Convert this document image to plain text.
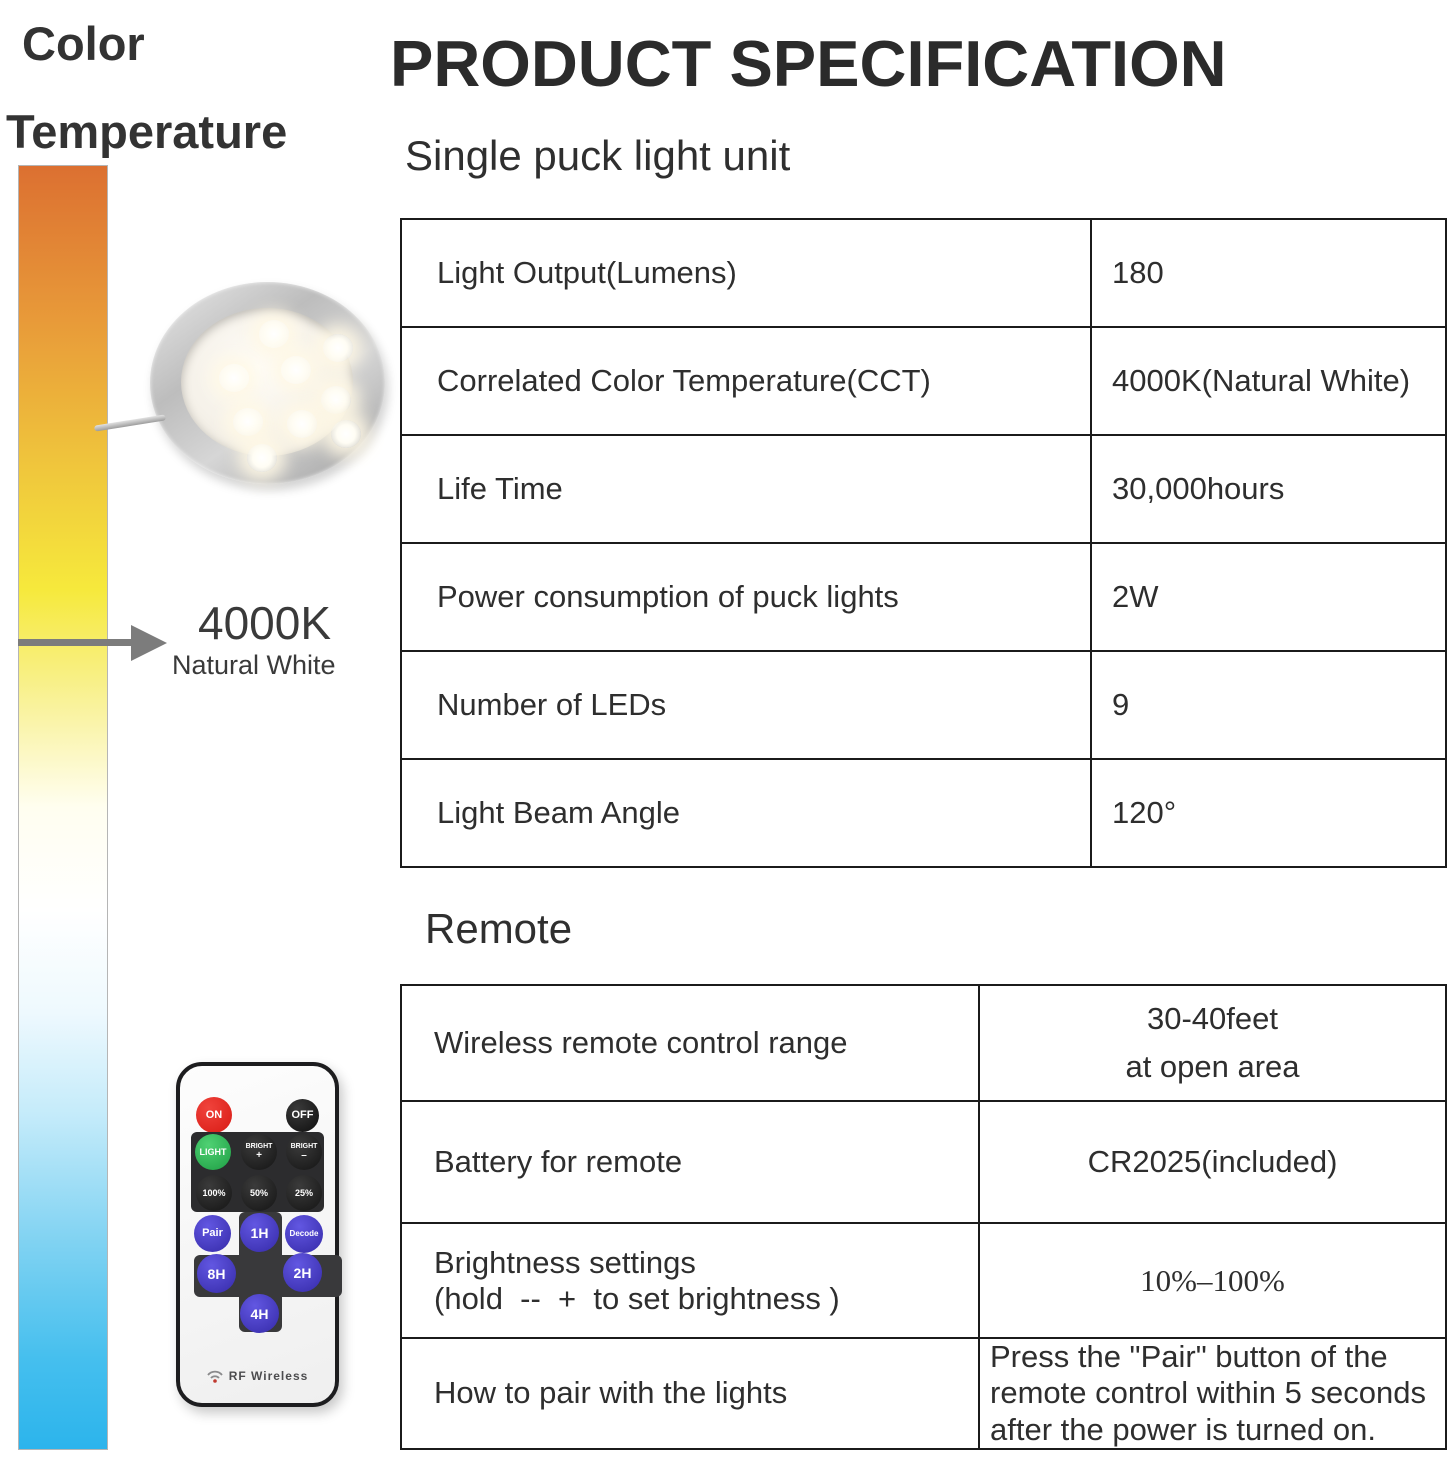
Color
Temperature
4000K
Natural White
ON	OFF
LIGHT	BRIGHT
+
BRIGHT
–
100%	50%	25%
Pair	1H	Decode
8H	2H
4H
RF Wireless
PRODUCT SPECIFICATION
Single puck light unit
Light Output(Lumens)	180
Correlated Color Temperature(CCT)	4000K(Natural White)
Life Time	30,000hours
Power consumption of puck lights	2W
Number of LEDs	9
Light Beam Angle	120°
Remote
Wireless remote control range	30-40feet
at open area

Battery for remote	CR2025(included)

Brightness settings
(hold  --  +  to set brightness )	10%–100%
How to pair with the lights	Press the "Pair" button of the remote control within 5 seconds after the power is turned on.
